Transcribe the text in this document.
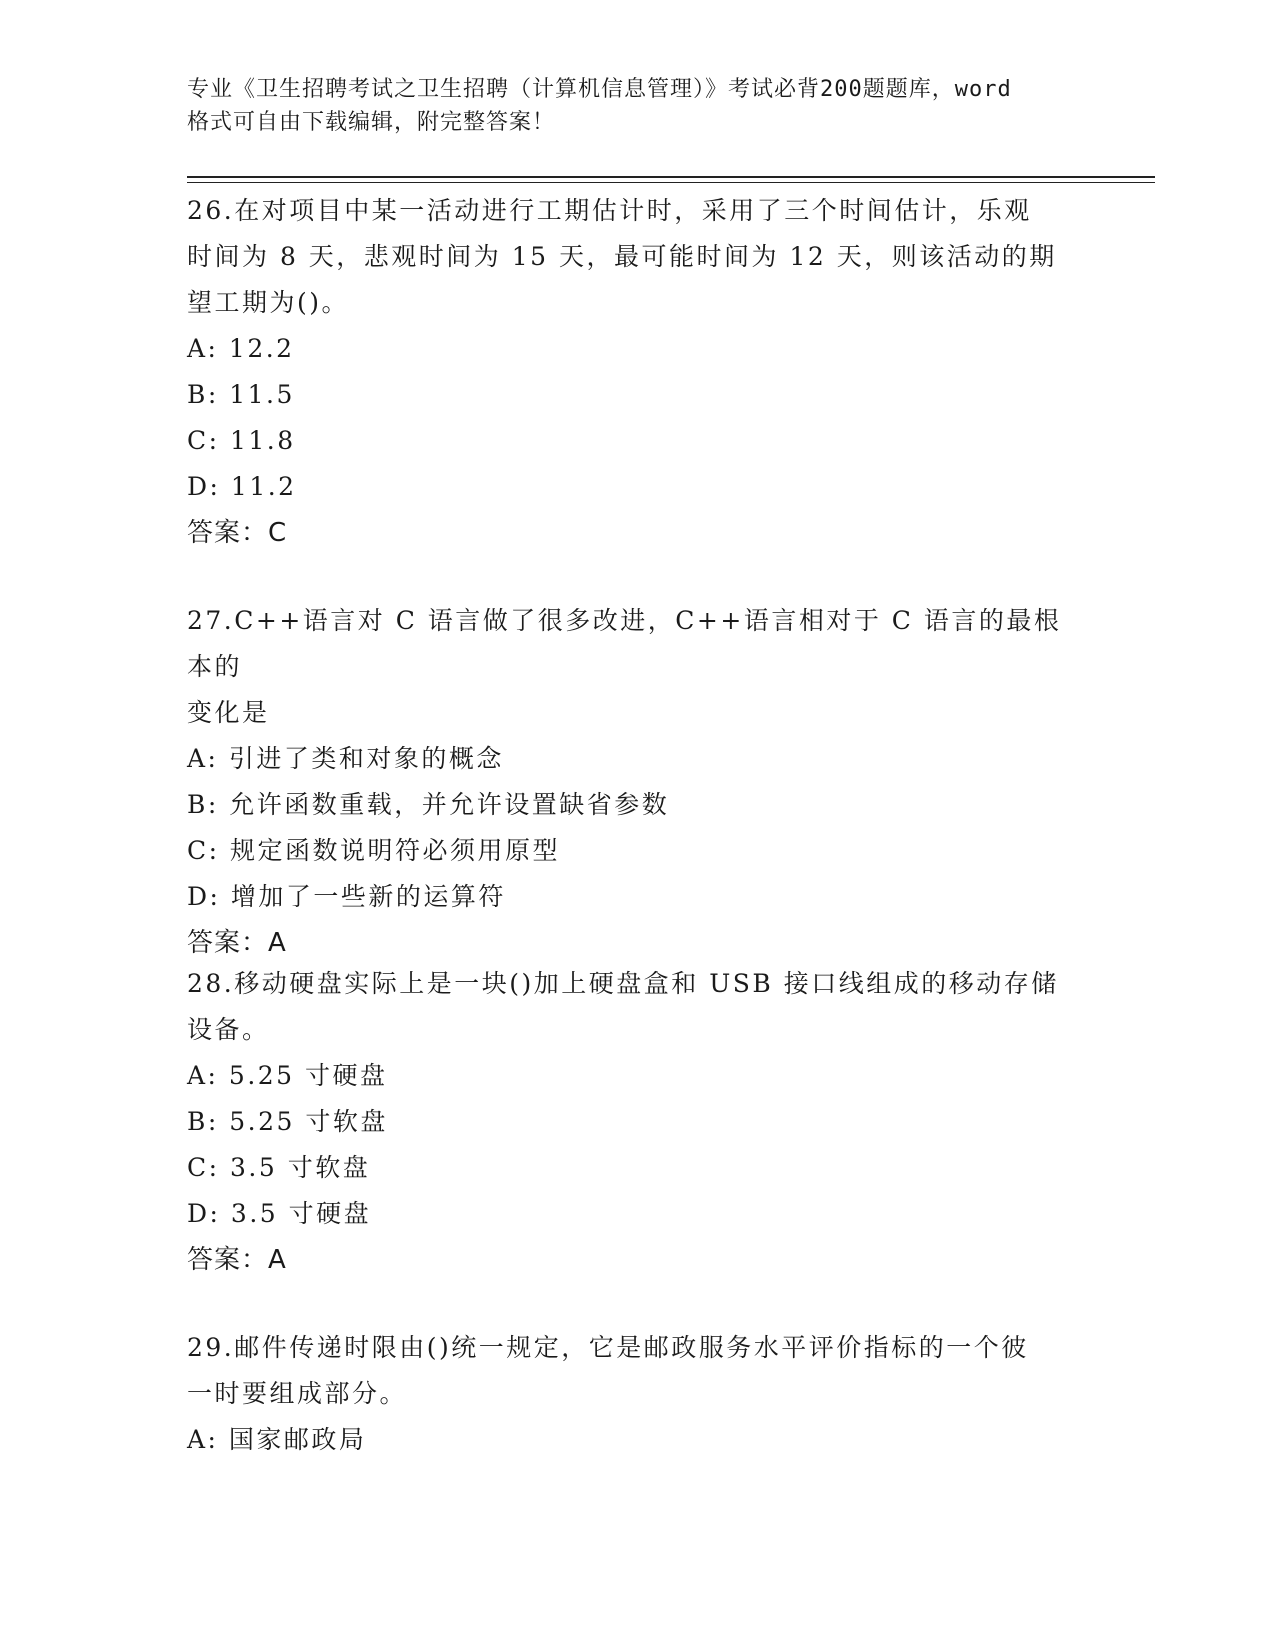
专业《卫生招聘考试之卫生招聘（计算机信息管理）》考试必背200题题库，word
格式可自由下载编辑，附完整答案！
26.在对项目中某一活动进行工期估计时，采用了三个时间估计，乐观
时间为 8 天，悲观时间为 15 天，最可能时间为 12 天，则该活动的期
望工期为()。
A: 12.2
B: 11.5
C: 11.8
D: 11.2
答案：C
27.C++语言对 C 语言做了很多改进，C++语言相对于 C 语言的最根本的
变化是
A: 引进了类和对象的概念
B: 允许函数重载，并允许设置缺省参数
C: 规定函数说明符必须用原型
D: 增加了一些新的运算符
答案：A
28.移动硬盘实际上是一块()加上硬盘盒和 USB 接口线组成的移动存储
设备。
A: 5.25 寸硬盘
B: 5.25 寸软盘
C: 3.5 寸软盘
D: 3.5 寸硬盘
答案：A
29.邮件传递时限由()统一规定，它是邮政服务水平评价指标的一个彼
一时要组成部分。
A: 国家邮政局
